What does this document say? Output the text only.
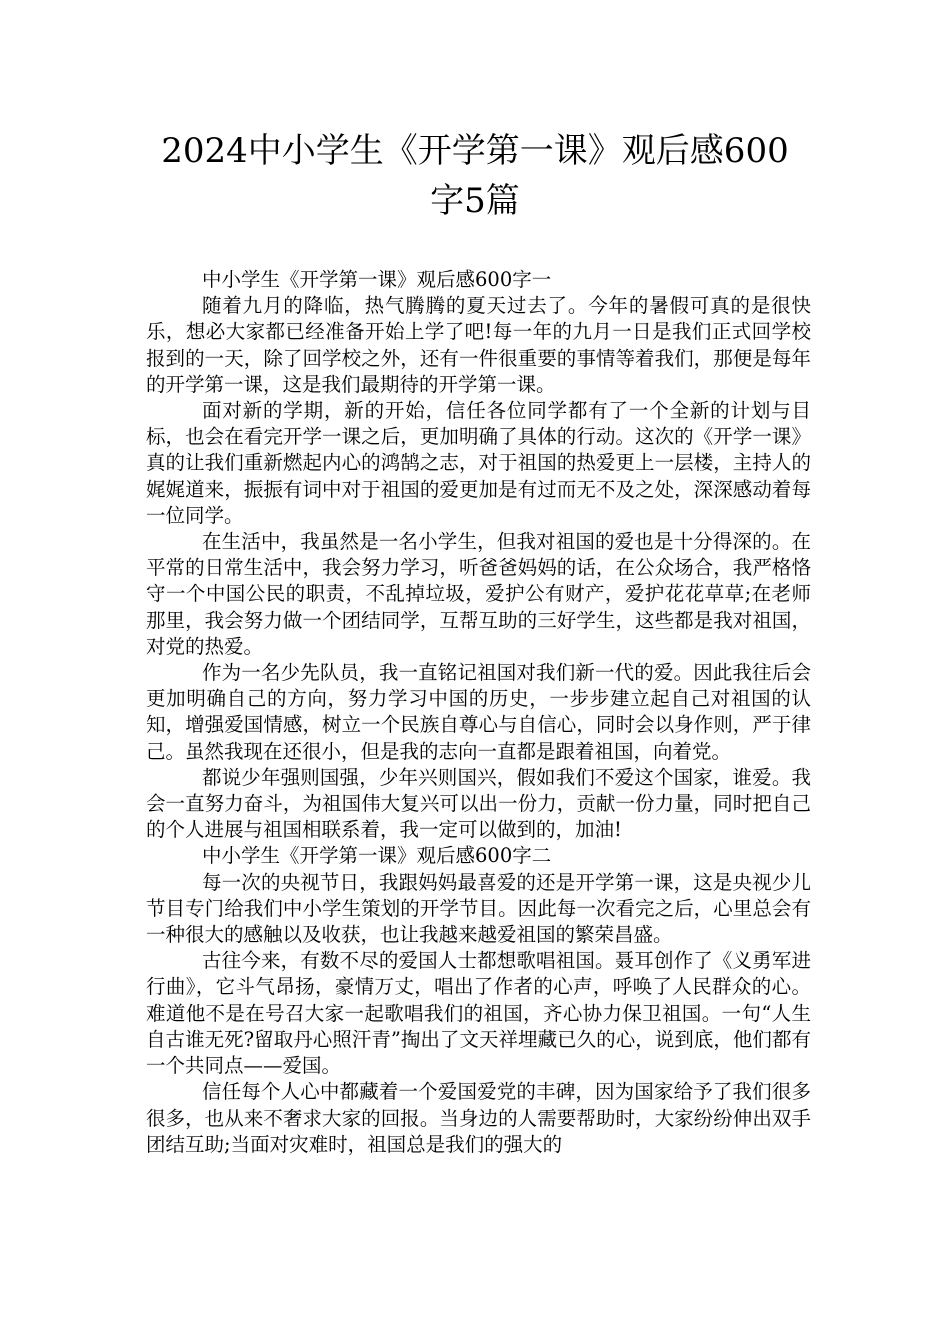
2024中小学生《开学第一课》观后感600
字5篇

中小学生《开学第一课》观后感600字一

随着九月的降临，热气腾腾的夏天过去了。今年的暑假可真的是很快乐，想必大家都已经准备开始上学了吧!每一年的九月一日是我们正式回学校报到的一天，除了回学校之外，还有一件很重要的事情等着我们，那便是每年的开学第一课，这是我们最期待的开学第一课。

面对新的学期，新的开始，信任各位同学都有了一个全新的计划与目标，也会在看完开学一课之后，更加明确了具体的行动。这次的《开学一课》真的让我们重新燃起内心的鸿鹄之志，对于祖国的热爱更上一层楼，主持人的娓娓道来，振振有词中对于祖国的爱更加是有过而无不及之处，深深感动着每一位同学。

在生活中，我虽然是一名小学生，但我对祖国的爱也是十分得深的。在平常的日常生活中，我会努力学习，听爸爸妈妈的话，在公众场合，我严格恪守一个中国公民的职责，不乱掉垃圾，爱护公有财产，爱护花花草草;在老师那里，我会努力做一个团结同学，互帮互助的三好学生，这些都是我对祖国，对党的热爱。

作为一名少先队员，我一直铭记祖国对我们新一代的爱。因此我往后会更加明确自己的方向，努力学习中国的历史，一步步建立起自己对祖国的认知，增强爱国情感，树立一个民族自尊心与自信心，同时会以身作则，严于律己。虽然我现在还很小，但是我的志向一直都是跟着祖国，向着党。

都说少年强则国强，少年兴则国兴，假如我们不爱这个国家，谁爱。我会一直努力奋斗，为祖国伟大复兴可以出一份力，贡献一份力量，同时把自己的个人进展与祖国相联系着，我一定可以做到的，加油!

中小学生《开学第一课》观后感600字二

每一次的央视节日，我跟妈妈最喜爱的还是开学第一课，这是央视少儿节目专门给我们中小学生策划的开学节目。因此每一次看完之后，心里总会有一种很大的感触以及收获，也让我越来越爱祖国的繁荣昌盛。

古往今来，有数不尽的爱国人士都想歌唱祖国。聂耳创作了《义勇军进行曲》，它斗气昂扬，豪情万丈，唱出了作者的心声，呼唤了人民群众的心。难道他不是在号召大家一起歌唱我们的祖国，齐心协力保卫祖国。一句“人生自古谁无死?留取丹心照汗青”掏出了文天祥埋藏已久的心，说到底，他们都有一个共同点——爱国。

信任每个人心中都藏着一个爱国爱党的丰碑，因为国家给予了我们很多很多，也从来不奢求大家的回报。当身边的人需要帮助时，大家纷纷伸出双手团结互助;当面对灾难时，祖国总是我们的强大的
